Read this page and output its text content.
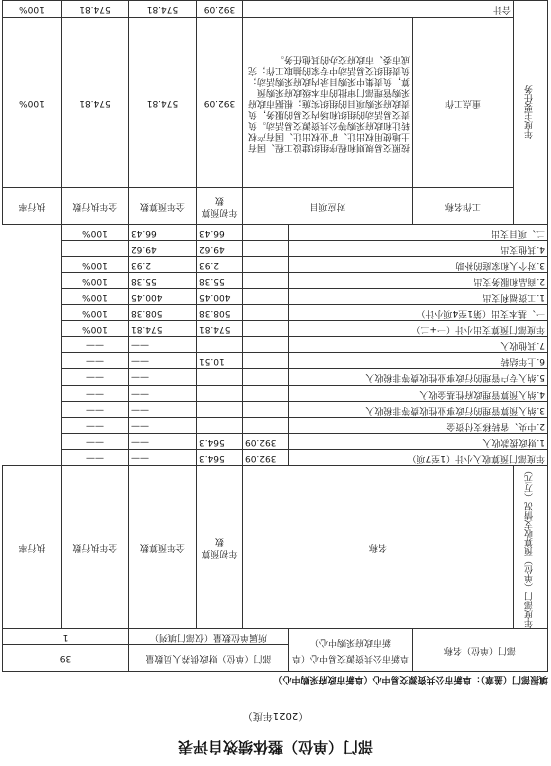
部门（单位）整体绩效自评表
（2021年度）
填报部门（盖章）：阜新市公共资源交易中心（阜新市政府采购中心）
部门（单位）名称		阜新市公共资源交易中心（阜新市政府采购中心）	部门（单位）财政供养人员数量			39	
			所属单位数量（仅部门填列）			1	
年度部门（单位）预算收支情况（万元）	名称			年初预算数	全年预算数	全年执行数	执行率
年度部门预算收入小计（1至7项）			392.09	564.3	——	——	
1.财政拨款收入			392.09	564.3	——	——	
2.中央、省转移支付资金					——	——	
3.纳入预算管理的行政事业性收费等非税收入					——	——	
4.纳入预算管理政府性基金收入					——	——	
5.纳入专户管理的行政事业性收费等非税收入					——	——	
6.上年结转				10.51	——	——	
7.其他收入					——	——	
年度部门预算支出小计（一+二）				574.81	574.81	100%	
一、基本支出（第1至4项小计）				508.38	508.38	100%	
1.工资福利支出				400.45	400.45	100%	
2.商品和服务支出				55.38	55.38	100%	
3.对个人和家庭的补助				2.93	2.93	100%	
4.其他支出				49.62	49.62		
二、项目支出				66.43	66.43	100%	
年度主要任务	工作名称	对应项目		年初预算数	全年预算数	全年执行数	执行率
	重点工作	按照交易规则和程序组织建设工程、国有土地使用权出让、矿业权出让、国有产权转让和政府采购等公共资源交易活动。负责交易活动的组织和场内交易的服务，负责政府采购项目的组织实施；根据市政府采购管理部门审批的市本级政府采购预算，负责集中采购目录内政府采购活动；负责组织交易活动中专家的抽取工作；完成市委、市政府交办的其他任务。		392.09	574.81	574.81	100%
	合计			392.09	574.81	574.81	100%
